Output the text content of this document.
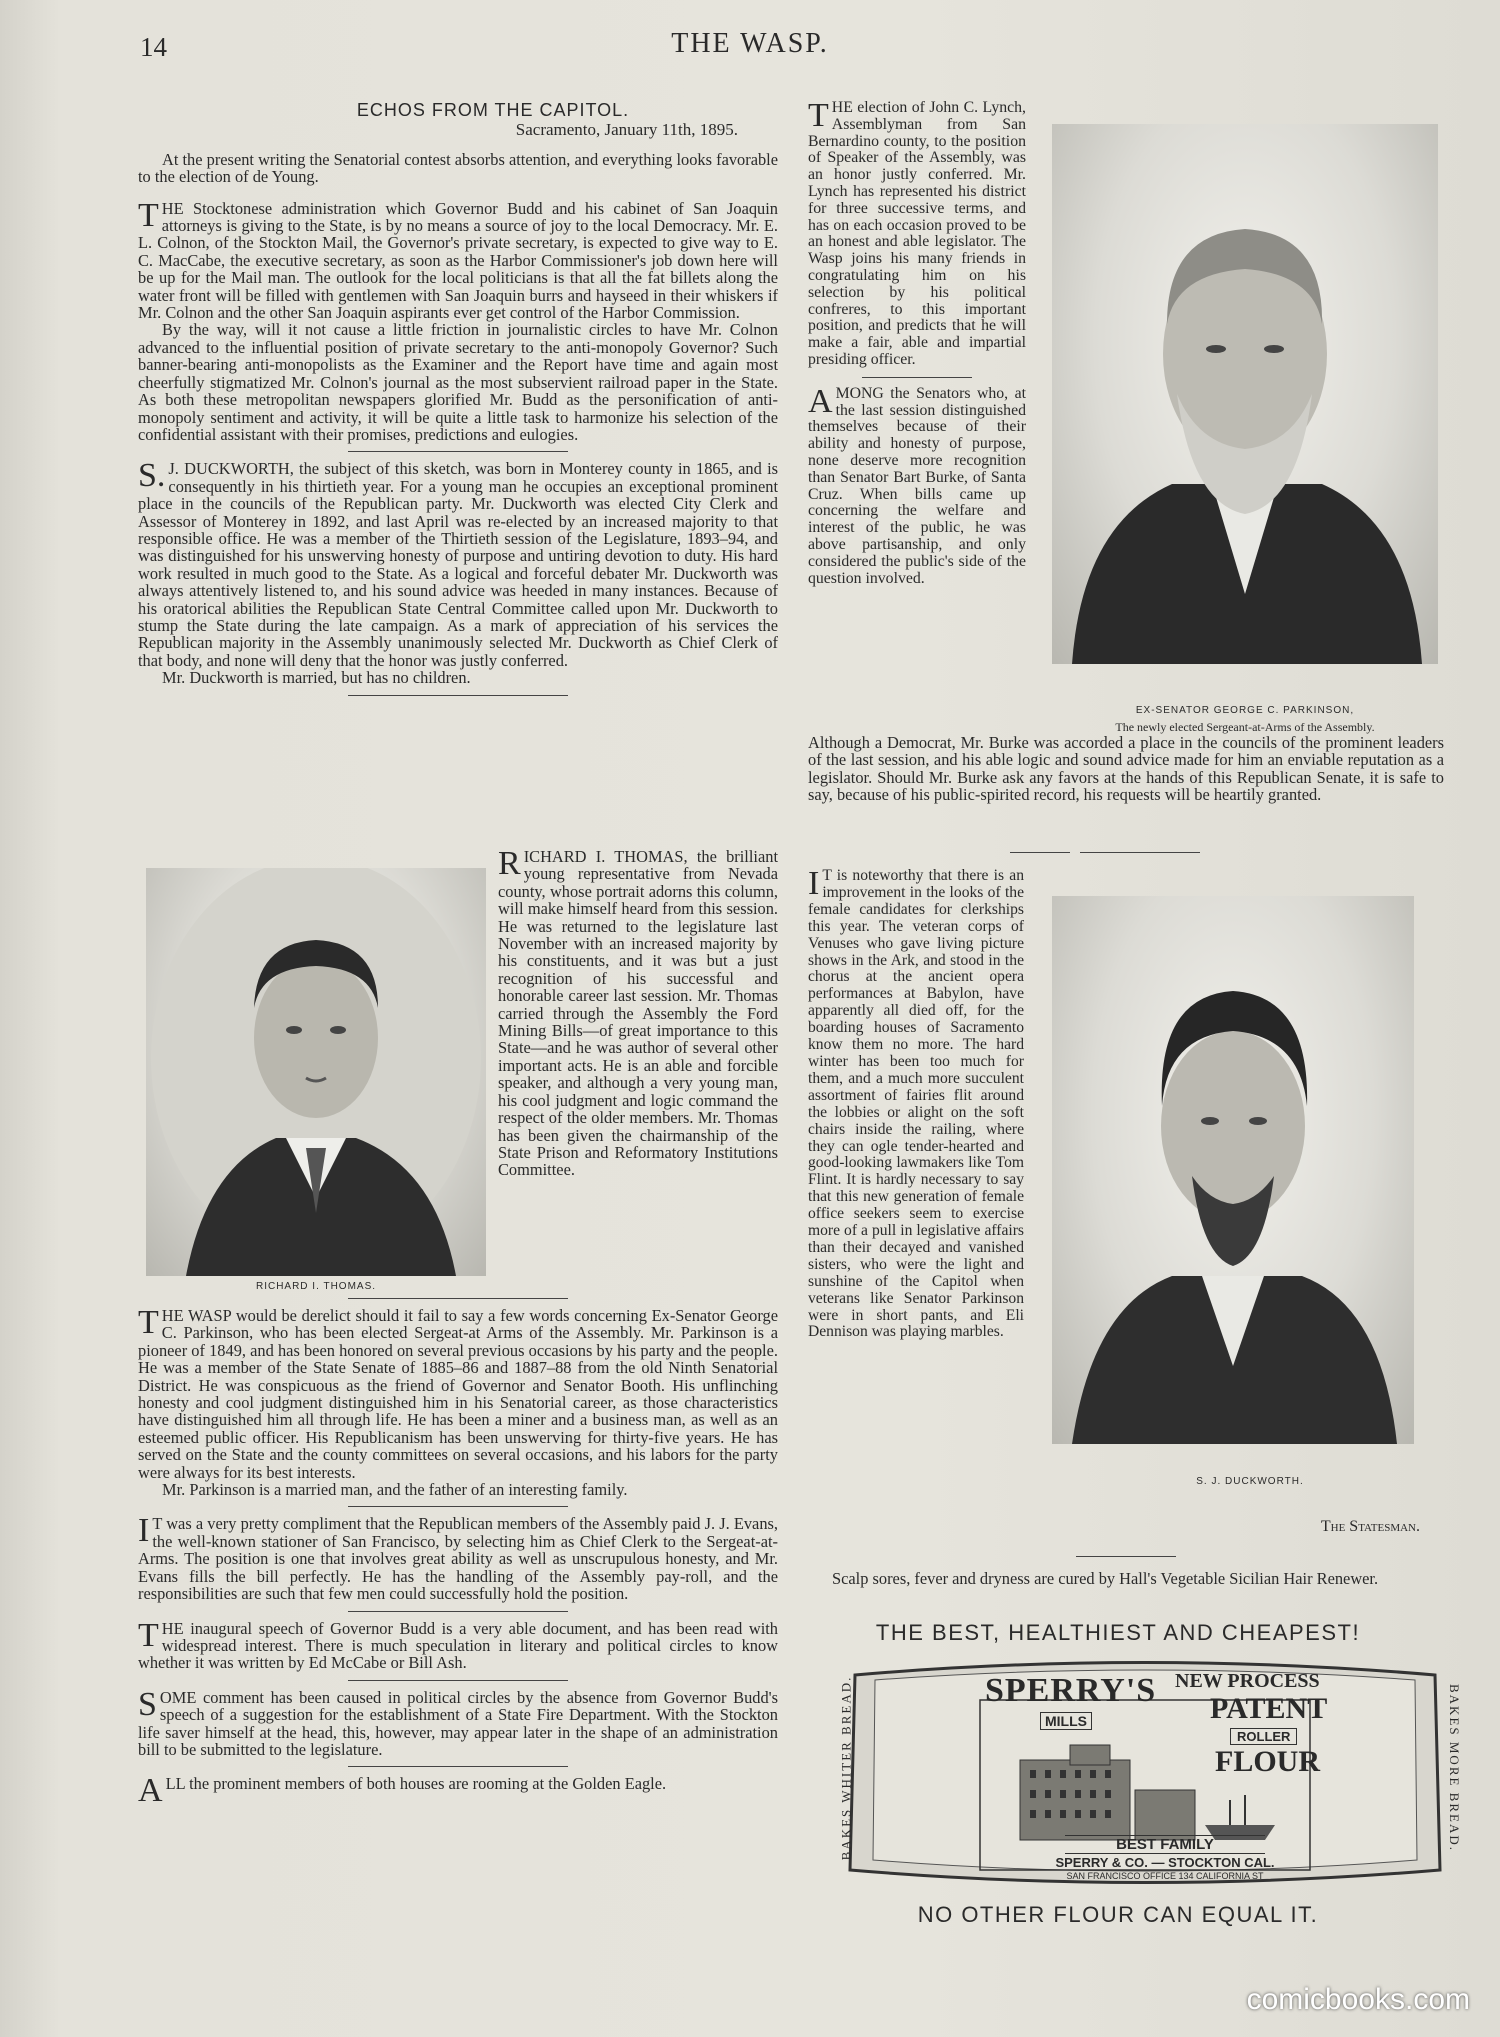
14	THE WASP.
ECHOS FROM THE CAPITOL.
Sacramento, January 11th, 1895.

At the present writing the Senatorial contest absorbs attention, and everything looks favorable to the election of de Young.

THE Stocktonese administration which Governor Budd and his cabinet of San Joaquin attorneys is giving to the State, is by no means a source of joy to the local Democracy. Mr. E. L. Colnon, of the Stockton Mail, the Governor's private secretary, is expected to give way to E. C. MacCabe, the executive secretary, as soon as the Harbor Commissioner's job down here will be up for the Mail man. The outlook for the local politicians is that all the fat billets along the water front will be filled with gentlemen with San Joaquin burrs and hayseed in their whiskers if Mr. Colnon and the other San Joaquin aspirants ever get control of the Harbor Commission.

By the way, will it not cause a little friction in journalistic circles to have Mr. Colnon advanced to the influential position of private secretary to the anti-monopoly Governor? Such banner-bearing anti-monopolists as the Examiner and the Report have time and again most cheerfully stigmatized Mr. Colnon's journal as the most subservient railroad paper in the State. As both these metropolitan newspapers glorified Mr. Budd as the personification of anti-monopoly sentiment and activity, it will be quite a little task to harmonize his selection of the confidential assistant with their promises, predictions and eulogies.

S.J. DUCKWORTH, the subject of this sketch, was born in Monterey county in 1865, and is consequently in his thirtieth year. For a young man he occupies an exceptional prominent place in the councils of the Republican party. Mr. Duckworth was elected City Clerk and Assessor of Monterey in 1892, and last April was re-elected by an increased majority to that responsible office. He was a member of the Thirtieth session of the Legislature, 1893–94, and was distinguished for his unswerving honesty of purpose and untiring devotion to duty. His hard work resulted in much good to the State. As a logical and forceful debater Mr. Duckworth was always attentively listened to, and his sound advice was heeded in many instances. Because of his oratorical abilities the Republican State Central Committee called upon Mr. Duckworth to stump the State during the late campaign. As a mark of appreciation of his services the Republican majority in the Assembly unanimously selected Mr. Duckworth as Chief Clerk of that body, and none will deny that the honor was justly conferred.

Mr. Duckworth is married, but has no children.

RICHARD I. THOMAS.

RICHARD I. THOMAS, the brilliant young representative from Nevada county, whose portrait adorns this column, will make himself heard from this session. He was returned to the legislature last November with an increased majority by his constituents, and it was but a just recognition of his successful and honorable career last session. Mr. Thomas carried through the Assembly the Ford Mining Bills—of great importance to this State—and he was author of several other important acts. He is an able and forcible speaker, and although a very young man, his cool judgment and logic command the respect of the older members. Mr. Thomas has been given the chairmanship of the State Prison and Reformatory Institutions Committee.

THE WASP would be derelict should it fail to say a few words concerning Ex-Senator George C. Parkinson, who has been elected Sergeat-at Arms of the Assembly. Mr. Parkinson is a pioneer of 1849, and has been honored on several previous occasions by his party and the people. He was a member of the State Senate of 1885–86 and 1887–88 from the old Ninth Senatorial District. He was conspicuous as the friend of Governor and Senator Booth. His unflinching honesty and cool judgment distinguished him in his Senatorial career, as those characteristics have distinguished him all through life. He has been a miner and a business man, as well as an esteemed public officer. His Republicanism has been unswerving for thirty-five years. He has served on the State and the county committees on several occasions, and his labors for the party were always for its best interests.

Mr. Parkinson is a married man, and the father of an interesting family.

IT was a very pretty compliment that the Republican members of the Assembly paid J. J. Evans, the well-known stationer of San Francisco, by selecting him as Chief Clerk to the Sergeat-at-Arms. The position is one that involves great ability as well as unscrupulous honesty, and Mr. Evans fills the bill perfectly. He has the handling of the Assembly pay-roll, and the responsibilities are such that few men could successfully hold the position.

THE inaugural speech of Governor Budd is a very able document, and has been read with widespread interest. There is much speculation in literary and political circles to know whether it was written by Ed McCabe or Bill Ash.

SOME comment has been caused in political circles by the absence from Governor Budd's speech of a suggestion for the establishment of a State Fire Department. With the Stockton life saver himself at the head, this, however, may appear later in the shape of an administration bill to be submitted to the legislature.

ALL the prominent members of both houses are rooming at the Golden Eagle.

THE election of John C. Lynch, Assemblyman from San Bernardino county, to the position of Speaker of the Assembly, was an honor justly conferred. Mr. Lynch has represented his district for three successive terms, and has on each occasion proved to be an honest and able legislator. The Wasp joins his many friends in congratulating him on his selection by his political confreres, to this important position, and predicts that he will make a fair, able and impartial presiding officer.

AMONG the Senators who, at the last session distinguished themselves because of their ability and honesty of purpose, none deserve more recognition than Senator Bart Burke, of Santa Cruz. When bills came up concerning the welfare and interest of the public, he was above partisanship, and only considered the public's side of the question involved.

EX-SENATOR GEORGE C. PARKINSON,
The newly elected Sergeant-at-Arms of the Assembly.

Although a Democrat, Mr. Burke was accorded a place in the councils of the prominent leaders of the last session, and his able logic and sound advice made for him an enviable reputation as a legislator. Should Mr. Burke ask any favors at the hands of this Republican Senate, it is safe to say, because of his public-spirited record, his requests will be heartily granted.

IT is noteworthy that there is an improvement in the looks of the female candidates for clerkships this year. The veteran corps of Venuses who gave living picture shows in the Ark, and stood in the chorus at the ancient opera performances at Babylon, have apparently all died off, for the boarding houses of Sacramento know them no more. The hard winter has been too much for them, and a much more succulent assortment of fairies flit around the lobbies or alight on the soft chairs inside the railing, where they can ogle tender-hearted and good-looking lawmakers like Tom Flint. It is hardly necessary to say that this new generation of female office seekers seem to exercise more of a pull in legislative affairs than their decayed and vanished sisters, who were the light and sunshine of the Capitol when veterans like Senator Parkinson were in short pants, and Eli Dennison was playing marbles.

S. J. DUCKWORTH.
The Statesman.

Scalp sores, fever and dryness are cured by Hall's Vegetable Sicilian Hair Renewer.

THE BEST, HEALTHIEST AND CHEAPEST!
SPERRY'S
MILLS
NEW PROCESS
PATENT
ROLLER
FLOUR
BEST FAMILY
SPERRY & CO. — STOCKTON CAL.
SAN FRANCISCO OFFICE 134 CALIFORNIA ST
BAKES WHITER BREAD.	BAKES MORE BREAD.
NO OTHER FLOUR CAN EQUAL IT.
comicbooks.com
